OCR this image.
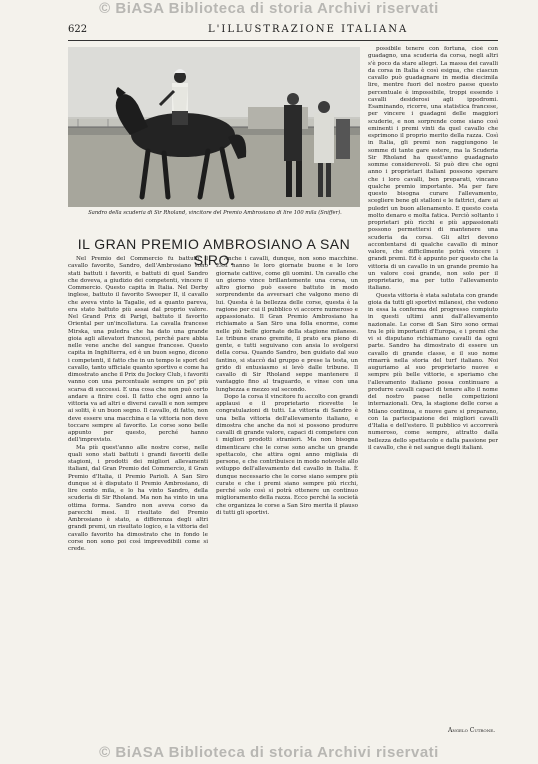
© BiASA Biblioteca di storia Archivi riservati
622	L'ILLUSTRAZIONE ITALIANA
Sandro della scuderia di Sir Rholand, vincitore del Premio Ambrosiano di lire 100 mila (Sniffer).
IL GRAN PREMIO AMBROSIANO A SAN SIRO.

Nel Premio del Commercio fu battuto il cavallo favorito, Sandro, dell'Ambrosiano sono stati battuti i favoriti, e battuti di quel Sandro che doveva, a giudizio dei competenti, vincere il Commercio. Questo capita in Italia. Nel Derby inglese, battuto il favorito Sweeper II, il cavallo che aveva vinto la Tagalie, ed a quanto pareva, era stato battuto più assai dal proprio valore. Nel Grand Prix di Parigi, battuto il favorito Oriental per un'incollatura. La cavalla francese Mirska, una puledra che ha dato una grande gioia agli allevatori francesi, perché pare abbia nelle vene anche del sangue francese. Questo capita in Inghilterra, ed è un buon segno, dicono i competenti, il fatto che in un tempo le sport del cavallo, tanto ufficiale quanto sportivo e come ha dimostrato anche il Prix du Jockey Club, i favoriti vanno con una percentuale sempre un po' più scarsa di successi. E una cosa che non può certo andare a finire così. Il fatto che ogni anno la vittoria va ad altri e diversi cavalli e non sempre ai soliti, è un buon segno. Il cavallo, di fatto, non deve essere una macchina e la vittoria non deve toccare sempre al favorito. Le corse sono belle appunto per questo, perché hanno dell'imprevisto.

Ma più quest'anno alle nostre corse, nelle quali sono stati battuti i grandi favoriti delle stagioni, i prodotti dei migliori allevamenti italiani, dal Gran Premio del Commercio, il Gran Premio d'Italia, il Premio Parioli. A San Siro dunque si è disputato il Premio Ambrosiano, di lire cento mila, e lo ha vinto Sandro, della scuderia di Sir Rholand. Ma non ha vinto in una ottima forma. Sandro non aveva corso da parecchi mesi. Il risultato del Premio Ambrosiano è stato, a differenza degli altri grandi premi, un risultato logico, e la vittoria del cavallo favorito ha dimostrato che in fondo le corse non sono poi così imprevedibili come si crede.

Anche i cavalli, dunque, non sono macchine. Essi hanno le loro giornate buone e le loro giornate cattive, come gli uomini. Un cavallo che un giorno vince brillantemente una corsa, un altro giorno può essere battuto in modo sorprendente da avversari che valgono meno di lui. Questa è la bellezza delle corse, questa è la ragione per cui il pubblico vi accorre numeroso e appassionato. Il Gran Premio Ambrosiano ha richiamato a San Siro una folla enorme, come nelle più belle giornate della stagione milanese. Le tribune erano gremite, il prato era pieno di gente, e tutti seguivano con ansia lo svolgersi della corsa. Quando Sandro, ben guidato dal suo fantino, si staccò dal gruppo e prese la testa, un grido di entusiasmo si levò dalle tribune. Il cavallo di Sir Rholand seppe mantenere il vantaggio fino al traguardo, e vinse con una lunghezza e mezzo sul secondo.

Dopo la corsa il vincitore fu accolto con grandi applausi e il proprietario ricevette le congratulazioni di tutti. La vittoria di Sandro è una bella vittoria dell'allevamento italiano, e dimostra che anche da noi si possono produrre cavalli di grande valore, capaci di competere con i migliori prodotti stranieri. Ma non bisogna dimenticare che le corse sono anche un grande spettacolo, che attira ogni anno migliaia di persone, e che contribuisce in modo notevole allo sviluppo dell'allevamento del cavallo in Italia. È dunque necessario che le corse siano sempre più curate e che i premi siano sempre più ricchi, perché solo così si potrà ottenere un continuo miglioramento della razza. Ecco perché la società che organizza le corse a San Siro merita il plauso di tutti gli sportivi.

possibile tenere con fortuna, cioè con guadagno, una scuderia da corsa, negli altri s'è poco da stare allegri. La massa dei cavalli da corsa in Italia è così esigua, che ciascun cavallo può guadagnare in media diecimila lire, mentre fuori del nostro paese questo percentuale è impossibile, troppi essendo i cavalli desiderosi agli ippodromi. Esaminando, ricorre, una statistica francese, per vincere i guadagni delle maggiori scuderie, e non sorprende come siano così eminenti i premi vinti da quel cavallo che esprimono il proprio merito della razza. Così in Italia, gli premi non raggiungono le somme di tante gare estere, ma la Scuderia Sir Rholand ha quest'anno guadagnato somme considerevoli. Si può dire che ogni anno i proprietari italiani possono sperare che i loro cavalli, ben preparati, vincano qualche premio importante. Ma per fare questo bisogna curare l'allevamento, scegliere bene gli stalloni e le fattrici, dare ai puledri un buon allenamento. E questo costa molto denaro e molta fatica. Perciò soltanto i proprietari più ricchi e più appassionati possono permettersi di mantenere una scuderia da corsa. Gli altri devono accontentarsi di qualche cavallo di minor valore, che difficilmente potrà vincere i grandi premi. Ed è appunto per questo che la vittoria di un cavallo in un grande premio ha un valore così grande, non solo per il proprietario, ma per tutto l'allevamento italiano.

Questa vittoria è stata salutata con grande gioia da tutti gli sportivi milanesi, che vedono in essa la conferma del progresso compiuto in questi ultimi anni dall'allevamento nazionale. Le corse di San Siro sono ormai tra le più importanti d'Europa, e i premi che vi si disputano richiamano cavalli da ogni parte. Sandro ha dimostrato di essere un cavallo di grande classe, e il suo nome rimarrà nella storia del turf italiano. Noi auguriamo al suo proprietario nuove e sempre più belle vittorie, e speriamo che l'allevamento italiano possa continuare a produrre cavalli capaci di tenere alto il nome del nostro paese nelle competizioni internazionali. Ora, la stagione delle corse a Milano continua, e nuove gare si preparano, con la partecipazione dei migliori cavalli d'Italia e dell'estero. Il pubblico vi accorrerà numeroso, come sempre, attratto dalla bellezza dello spettacolo e dalla passione per il cavallo, che è nel sangue degli italiani.

Angelo Cutrone.
© BiASA Biblioteca di storia Archivi riservati
